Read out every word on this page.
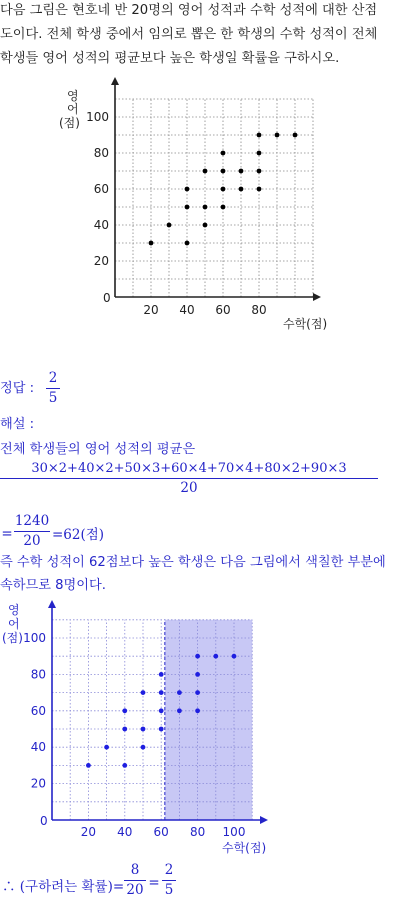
다음 그림은 현호네 반 20명의 영어 성적과 수학 성적에 대한 산점
도이다. 전체 학생 중에서 임의로 뽑은 한 학생의 수학 성적이 전체
학생들 영어 성적의 평균보다 높은 학생일 확률을 구하시오.
영
어
(점)
0
수학(점)
20 40 60 80
20
40
60
80
100
정답 :
2
5
해설 :
전체 학생들의 영어 성적의 평균은
30×2+40×2+50×3+60×4+70×4+80×2+90×3
20
=
1240
20 =62(점)
즉 수학 성적이 62점보다 높은 학생은 다음 그림에서 색칠한 부분에
속하므로 8명이다.
영
어
(점)
0
수학(점)
20 40 60 80 100
20
40
60
80
100
∴ (구하려는 확률)=
8
20 =
2
5
